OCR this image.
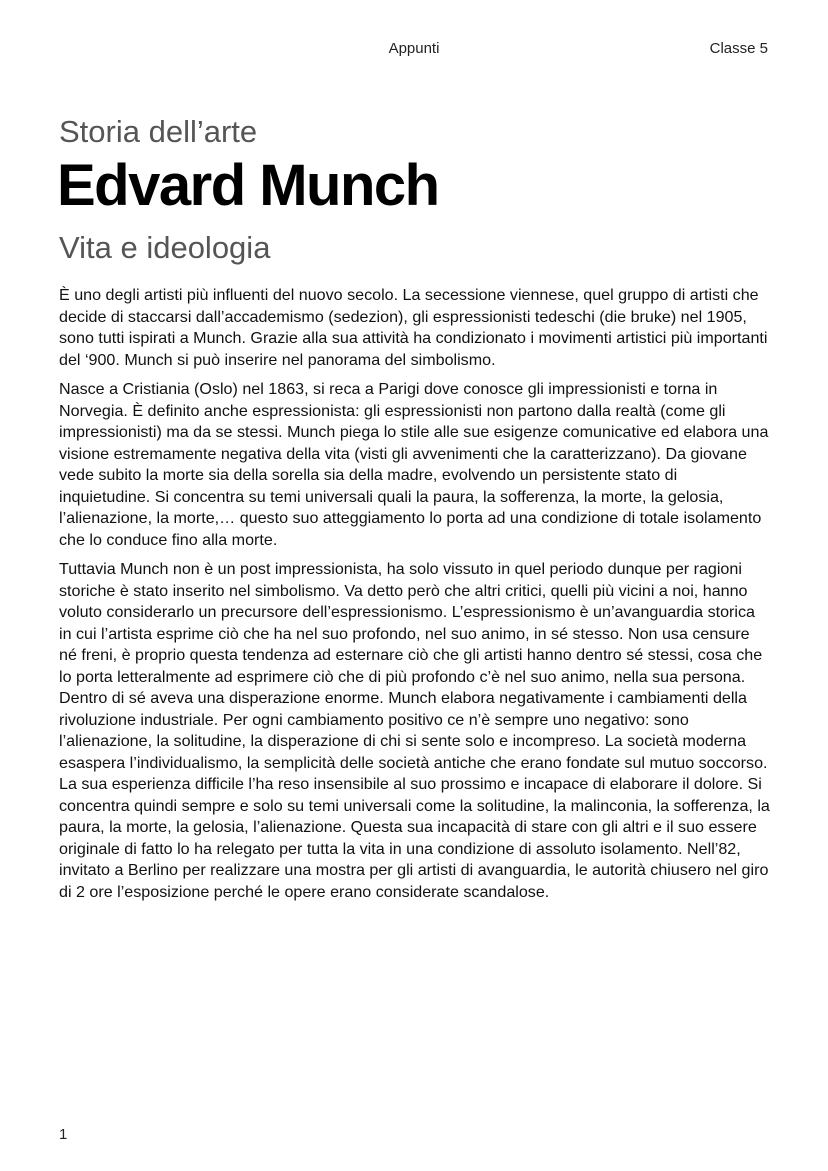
Appunti	Classe 5
Storia dell’arte
Edvard Munch
Vita e ideologia

È uno degli artisti più influenti del nuovo secolo. La secessione viennese, quel gruppo di artisti che decide di staccarsi dall’accademismo (sedezion), gli espressionisti tedeschi (die bruke) nel 1905, sono tutti ispirati a Munch. Grazie alla sua attività ha condizionato i movimenti artistici più importanti del ‘900. Munch si può inserire nel panorama del simbolismo.

Nasce a Cristiania (Oslo) nel 1863, si reca a Parigi dove conosce gli impressionisti e torna in Norvegia. È definito anche espressionista: gli espressionisti non partono dalla realtà (come gli impressionisti) ma da se stessi. Munch piega lo stile alle sue esigenze comunicative ed elabora una visione estremamente negativa della vita (visti gli avvenimenti che la caratterizzano). Da giovane vede subito la morte sia della sorella sia della madre, evolvendo un persistente stato di inquietudine. Si concentra su temi universali quali la paura, la sofferenza, la morte, la gelosia, l’alienazione, la morte,… questo suo atteggiamento lo porta ad una condizione di totale isolamento che lo conduce fino alla morte.

Tuttavia Munch non è un post impressionista, ha solo vissuto in quel periodo dunque per ragioni storiche è stato inserito nel simbolismo. Va detto però che altri critici, quelli più vicini a noi, hanno voluto considerarlo un precursore dell’espressionismo. L’espressionismo è un’avanguardia storica in cui l’artista esprime ciò che ha nel suo profondo, nel suo animo, in sé stesso. Non usa censure né freni, è proprio questa tendenza ad esternare ciò che gli artisti hanno dentro sé stessi, cosa che lo porta letteralmente ad esprimere ciò che di più profondo c’è nel suo animo, nella sua persona. Dentro di sé aveva una disperazione enorme. Munch elabora negativamente i cambiamenti della rivoluzione industriale. Per ogni cambiamento positivo ce n’è sempre uno negativo: sono l’alienazione, la solitudine, la disperazione di chi si sente solo e incompreso. La società moderna esaspera l’individualismo, la semplicità delle società antiche che erano fondate sul mutuo soccorso. La sua esperienza difficile l’ha reso insensibile al suo prossimo e incapace di elaborare il dolore. Si concentra quindi sempre e solo su temi universali come la solitudine, la malinconia, la sofferenza, la paura, la morte, la gelosia, l’alienazione. Questa sua incapacità di stare con gli altri e il suo essere originale di fatto lo ha relegato per tutta la vita in una condizione di assoluto isolamento. Nell’82, invitato a Berlino per realizzare una mostra per gli artisti di avanguardia, le autorità chiusero nel giro di 2 ore l’esposizione perché le opere erano considerate scandalose.

1
